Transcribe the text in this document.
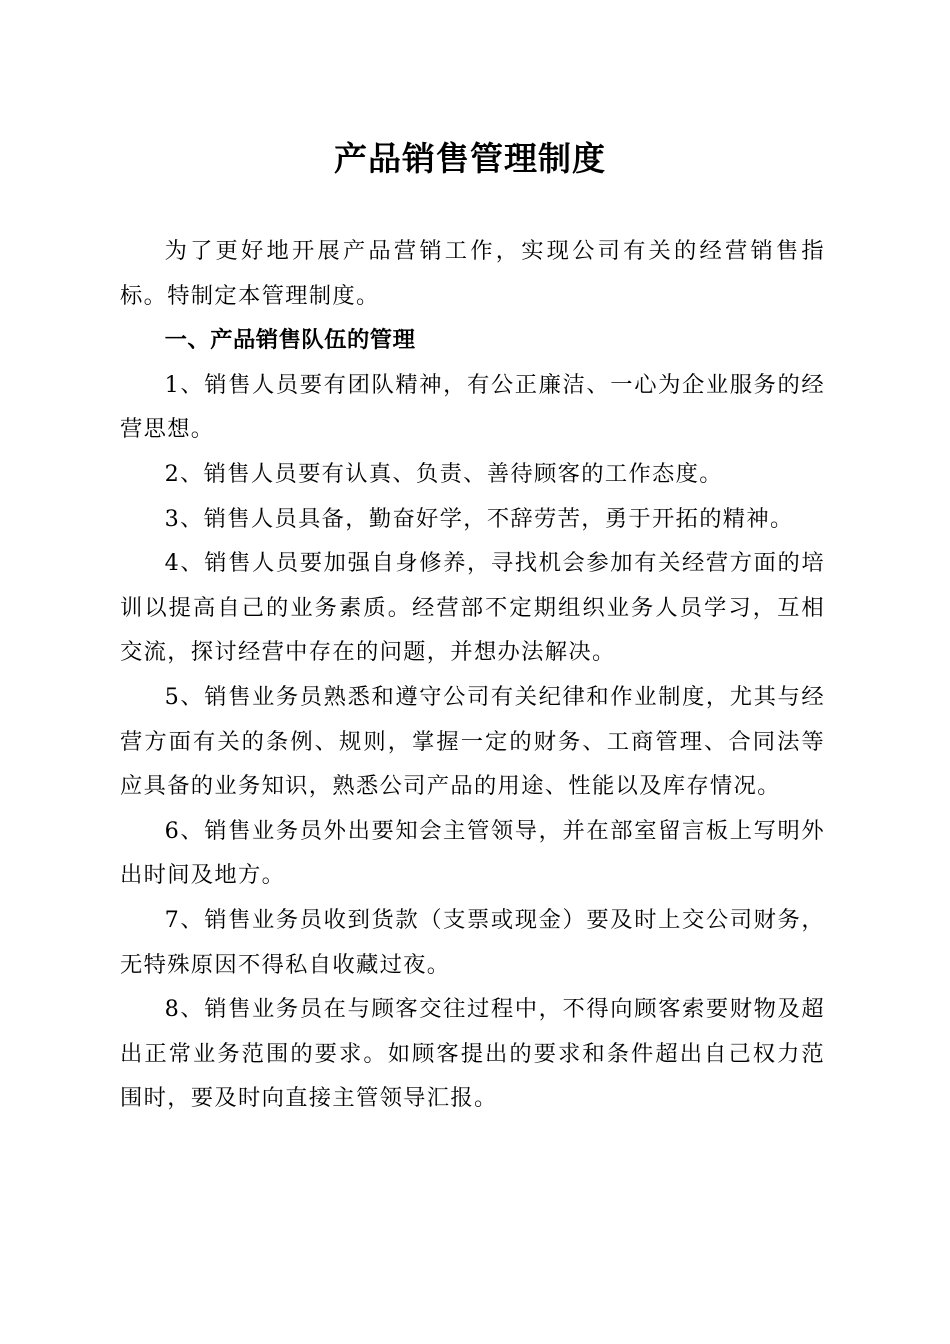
产品销售管理制度

为了更好地开展产品营销工作，实现公司有关的经营销售指标。特制定本管理制度。

一、产品销售队伍的管理

1、销售人员要有团队精神，有公正廉洁、一心为企业服务的经营思想。

2、销售人员要有认真、负责、善待顾客的工作态度。

3、销售人员具备，勤奋好学，不辞劳苦，勇于开拓的精神。

4、销售人员要加强自身修养，寻找机会参加有关经营方面的培训以提高自己的业务素质。经营部不定期组织业务人员学习，互相交流，探讨经营中存在的问题，并想办法解决。

5、销售业务员熟悉和遵守公司有关纪律和作业制度，尤其与经营方面有关的条例、规则，掌握一定的财务、工商管理、合同法等应具备的业务知识，熟悉公司产品的用途、性能以及库存情况。

6、销售业务员外出要知会主管领导，并在部室留言板上写明外出时间及地方。

7、销售业务员收到货款（支票或现金）要及时上交公司财务，无特殊原因不得私自收藏过夜。

8、销售业务员在与顾客交往过程中，不得向顾客索要财物及超出正常业务范围的要求。如顾客提出的要求和条件超出自己权力范围时，要及时向直接主管领导汇报。
